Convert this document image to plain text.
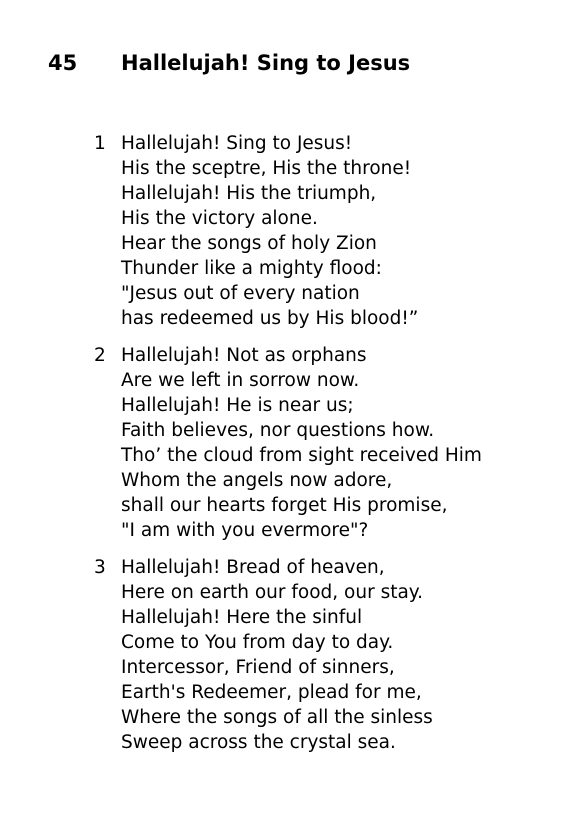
45	Hallelujah! Sing to Jesus
1 Hallelujah! Sing to Jesus!
His the sceptre, His the throne!
Hallelujah! His the triumph,
His the victory alone.
Hear the songs of holy Zion
Thunder like a mighty flood:
"Jesus out of every nation
has redeemed us by His blood!”
2 Hallelujah! Not as orphans
Are we left in sorrow now.
Hallelujah! He is near us;
Faith believes, nor questions how.
Tho’ the cloud from sight received Him
Whom the angels now adore,
shall our hearts forget His promise,
"I am with you evermore"?
3 Hallelujah! Bread of heaven,
Here on earth our food, our stay.
Hallelujah! Here the sinful
Come to You from day to day.
Intercessor, Friend of sinners,
Earth's Redeemer, plead for me,
Where the songs of all the sinless
Sweep across the crystal sea.
